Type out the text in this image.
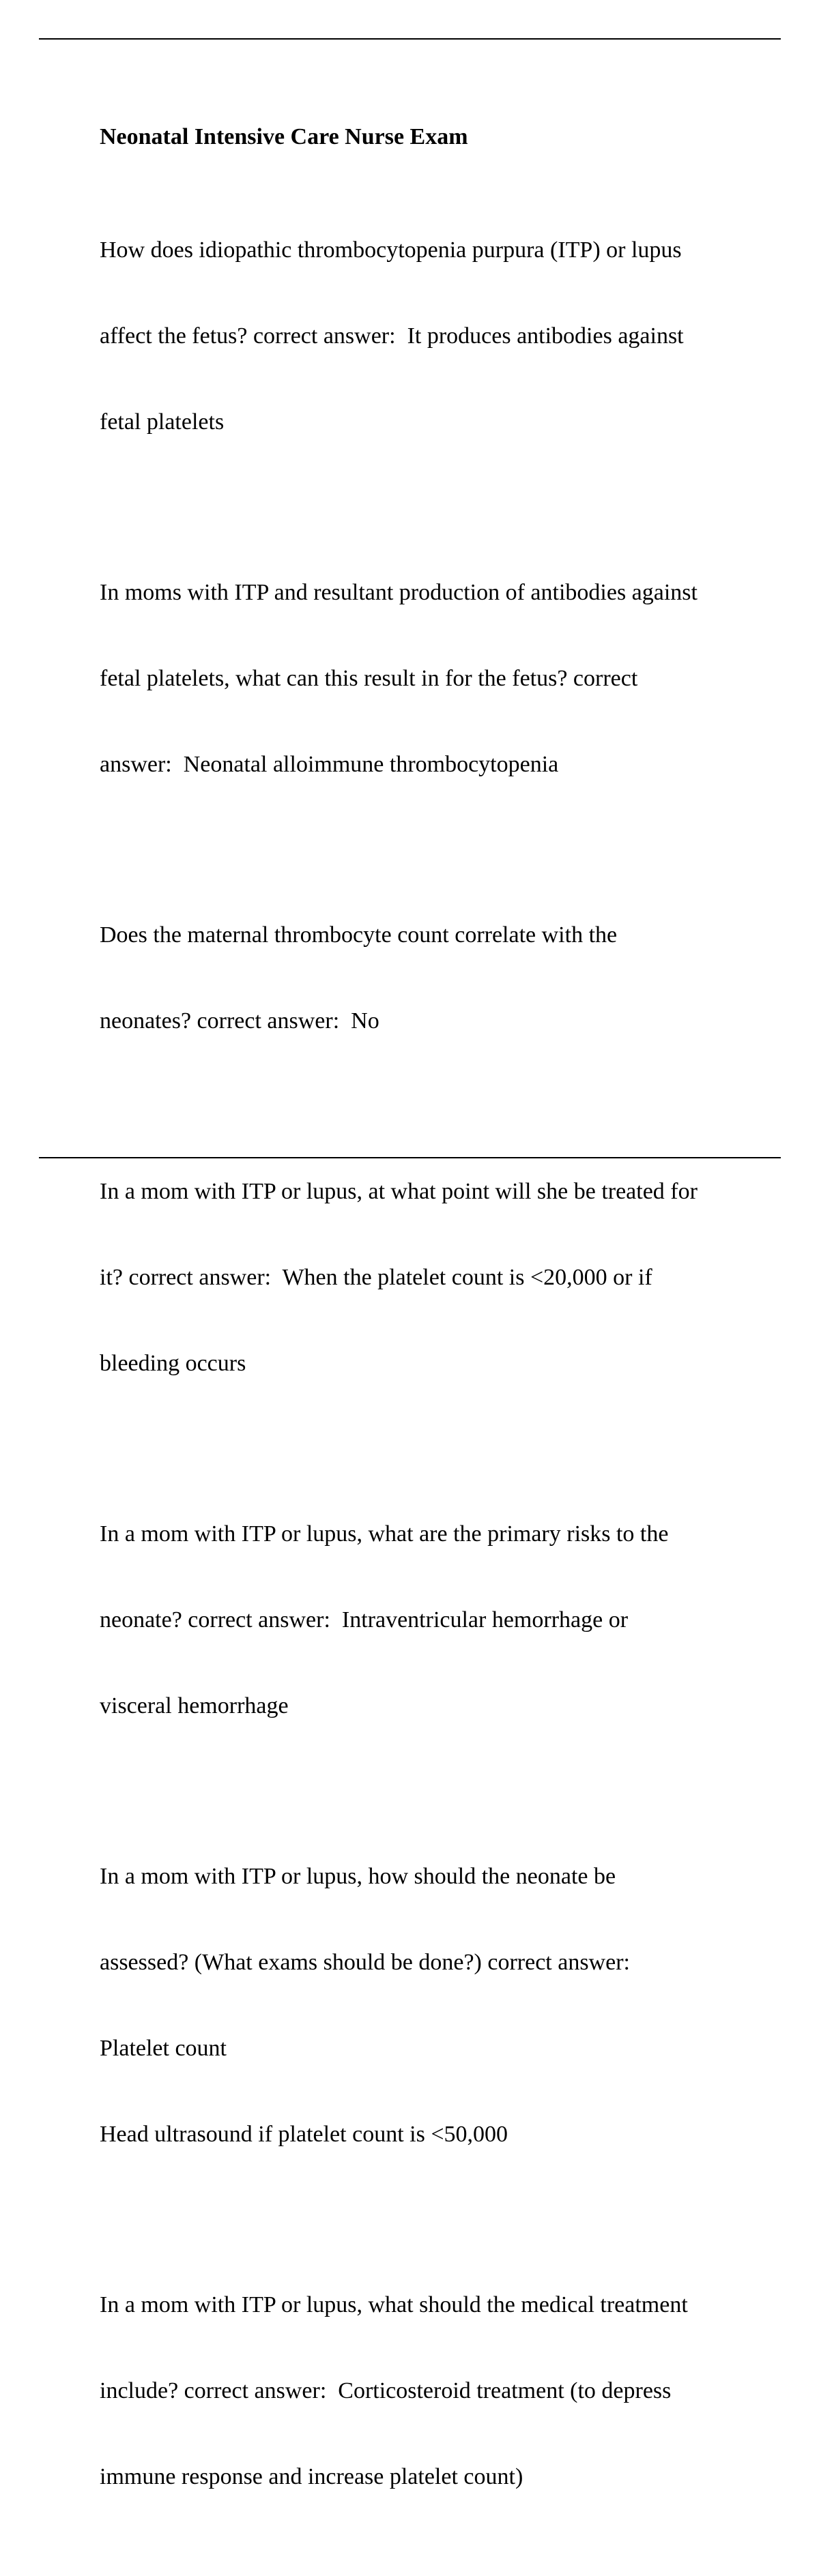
Neonatal Intensive Care Nurse Exam

How does idiopathic thrombocytopenia purpura (ITP) or lupus

affect the fetus? correct answer:  It produces antibodies against

fetal platelets

In moms with ITP and resultant production of antibodies against

fetal platelets, what can this result in for the fetus? correct

answer:  Neonatal alloimmune thrombocytopenia

Does the maternal thrombocyte count correlate with the

neonates? correct answer:  No

In a mom with ITP or lupus, at what point will she be treated for

it? correct answer:  When the platelet count is <20,000 or if

bleeding occurs

In a mom with ITP or lupus, what are the primary risks to the

neonate? correct answer:  Intraventricular hemorrhage or

visceral hemorrhage

In a mom with ITP or lupus, how should the neonate be

assessed? (What exams should be done?) correct answer:

Platelet count

Head ultrasound if platelet count is <50,000

In a mom with ITP or lupus, what should the medical treatment

include? correct answer:  Corticosteroid treatment (to depress

immune response and increase platelet count)
